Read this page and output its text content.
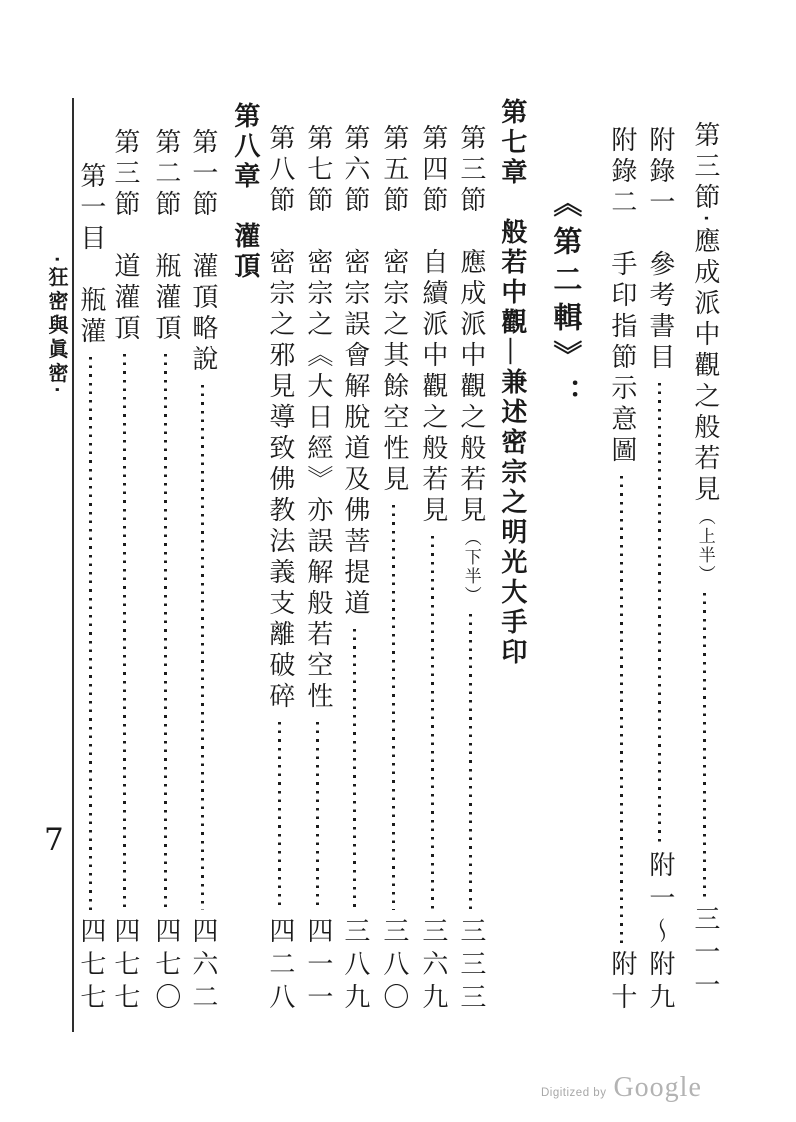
第三節‧應成派中觀之般若見
（上半）
三一一
附錄一　參考書目
附一～附九
附錄二　手印指節示意圖
附十
《第二輯》：
第七章　般若中觀—兼述密宗之明光大手印
第三節　應成派中觀之般若見
（下半）
三三三
第四節　自續派中觀之般若見
三六九
第五節　密宗之其餘空性見
三八〇
第六節　密宗誤會解脫道及佛菩提道
三八九
第七節　密宗之《大日經》亦誤解般若空性
四一一
第八節　密宗之邪見導致佛教法義支離破碎
四二八
第八章　灌頂
第一節　灌頂略說
四六二
第二節　瓶灌頂
四七〇
第三節　道灌頂
四七七
第一目　瓶灌
四七七
‧狂密與眞密‧
7
Digitized by Google
